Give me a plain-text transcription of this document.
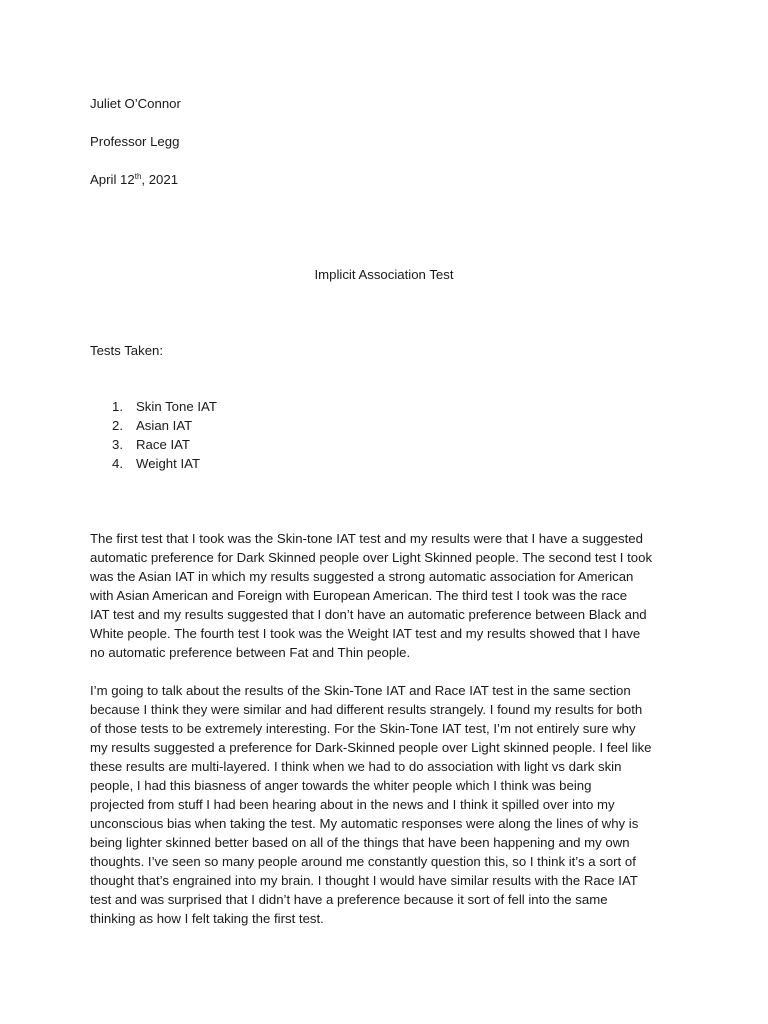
Juliet O’Connor
Professor Legg
April 12th, 2021
Implicit Association Test
Tests Taken:
1. Skin Tone IAT
2. Asian IAT
3. Race IAT
4. Weight IAT
The first test that I took was the Skin-tone IAT test and my results were that I have a suggested
automatic preference for Dark Skinned people over Light Skinned people. The second test I took
was the Asian IAT in which my results suggested a strong automatic association for American
with Asian American and Foreign with European American. The third test I took was the race
IAT test and my results suggested that I don’t have an automatic preference between Black and
White people. The fourth test I took was the Weight IAT test and my results showed that I have
no automatic preference between Fat and Thin people.
I’m going to talk about the results of the Skin-Tone IAT and Race IAT test in the same section
because I think they were similar and had different results strangely. I found my results for both
of those tests to be extremely interesting. For the Skin-Tone IAT test, I’m not entirely sure why
my results suggested a preference for Dark-Skinned people over Light skinned people. I feel like
these results are multi-layered. I think when we had to do association with light vs dark skin
people, I had this biasness of anger towards the whiter people which I think was being
projected from stuff I had been hearing about in the news and I think it spilled over into my
unconscious bias when taking the test. My automatic responses were along the lines of why is
being lighter skinned better based on all of the things that have been happening and my own
thoughts. I’ve seen so many people around me constantly question this, so I think it’s a sort of
thought that’s engrained into my brain. I thought I would have similar results with the Race IAT
test and was surprised that I didn’t have a preference because it sort of fell into the same
thinking as how I felt taking the first test.
